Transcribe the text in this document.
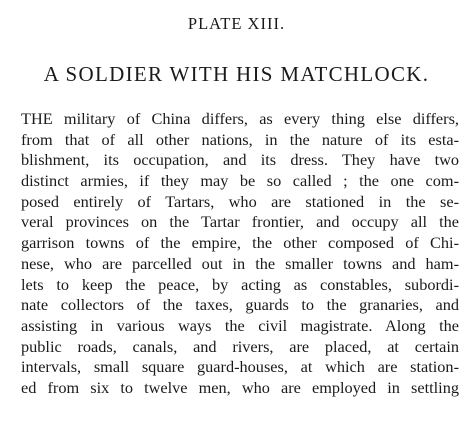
PLATE XIII.
A SOLDIER WITH HIS MATCHLOCK.
THE military of China differs, as every thing else differs,
from that of all other nations, in the nature of its esta-
blishment, its occupation, and its dress. They have two
distinct armies, if they may be so called ; the one com-
posed entirely of Tartars, who are stationed in the se-
veral provinces on the Tartar frontier, and occupy all the
garrison towns of the empire, the other composed of Chi-
nese, who are parcelled out in the smaller towns and ham-
lets to keep the peace, by acting as constables, subordi-
nate collectors of the taxes, guards to the granaries, and
assisting in various ways the civil magistrate. Along the
public roads, canals, and rivers, are placed, at certain
intervals, small square guard-houses, at which are station-
ed from six to twelve men, who are employed in settling
